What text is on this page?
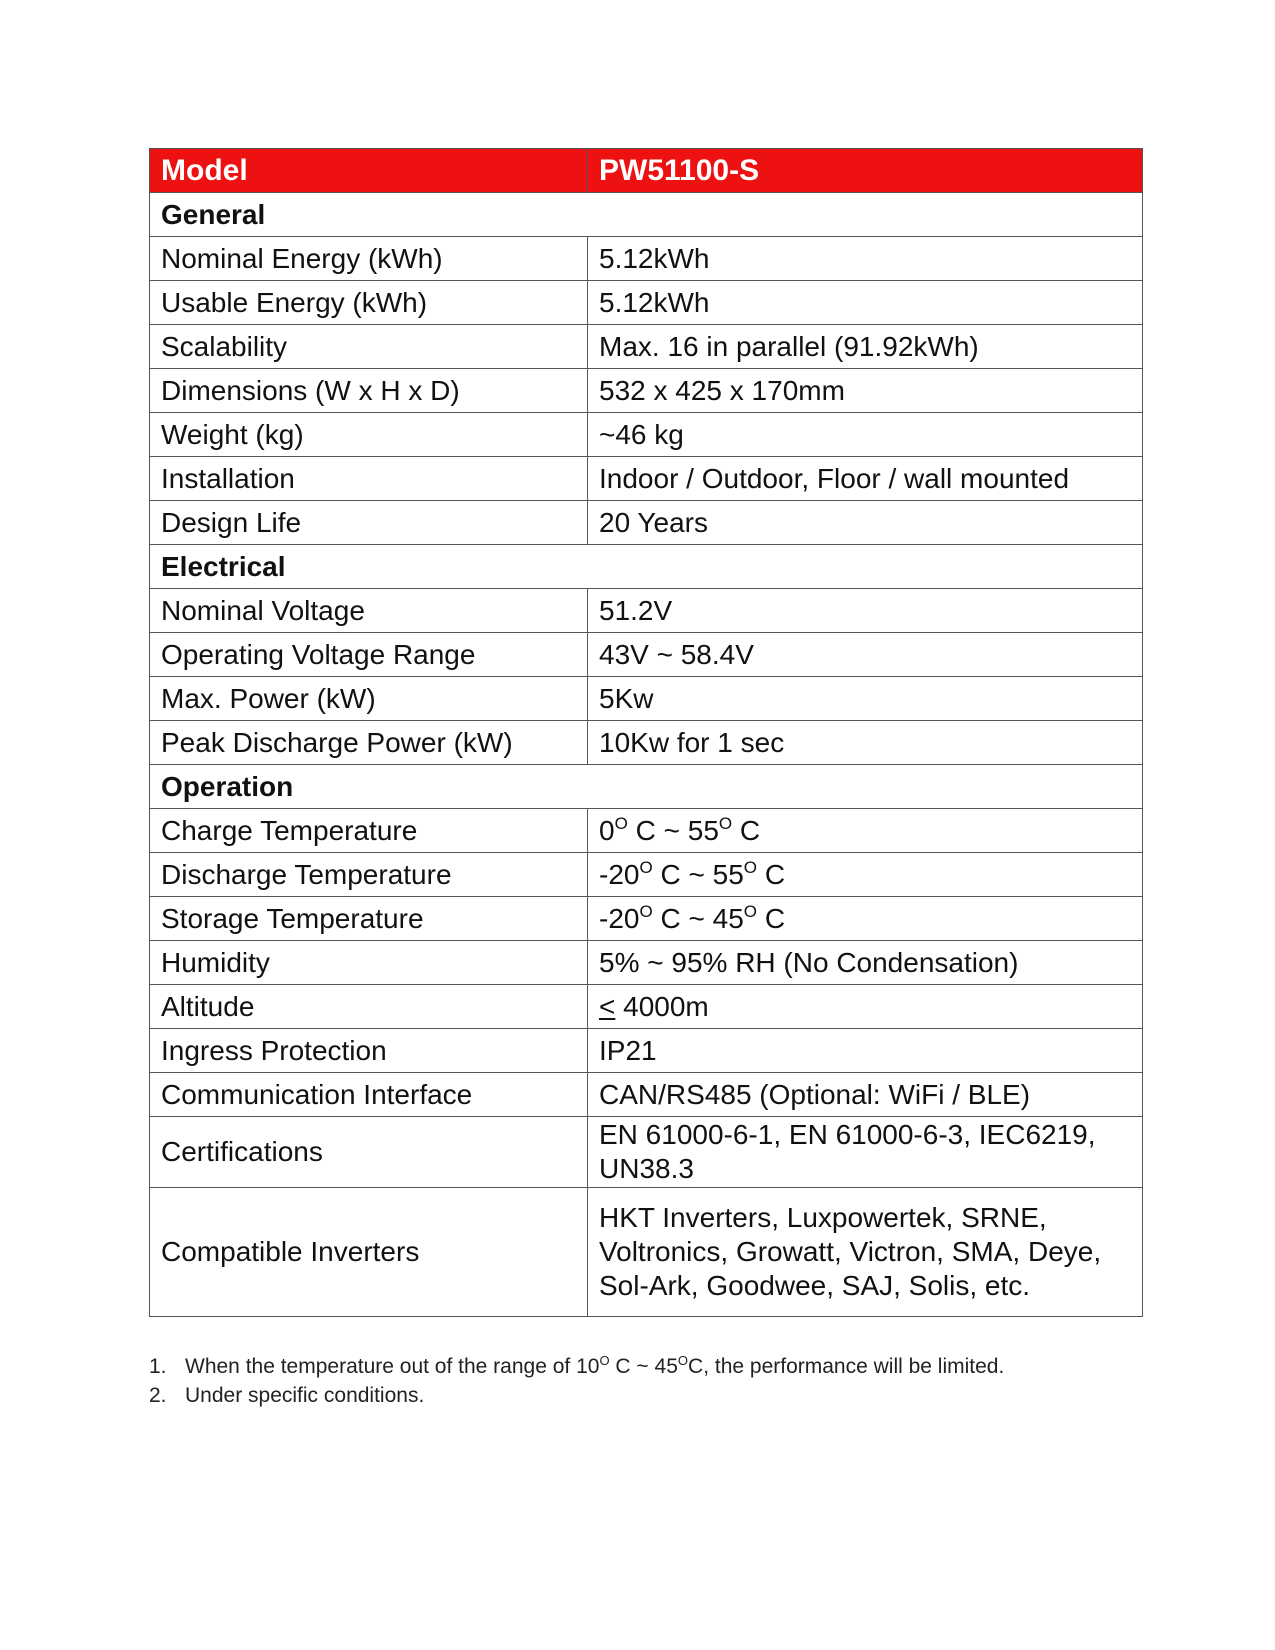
Model	PW51100-S
General	
Nominal Energy (kWh)	5.12kWh
Usable Energy (kWh)	5.12kWh
Scalability	Max. 16 in parallel (91.92kWh)
Dimensions (W x H x D)	532 x 425 x 170mm
Weight (kg)	~46 kg
Installation	Indoor / Outdoor, Floor / wall mounted
Design Life	20 Years
Electrical	
Nominal Voltage	51.2V
Operating Voltage Range	43V ~ 58.4V
Max. Power (kW)	5Kw
Peak Discharge Power (kW)	10Kw for 1 sec
Operation	
Charge Temperature	$0^O$ C ~ $55^O$ C
Discharge Temperature	$-20^O$ C ~ $55^O$ C
Storage Temperature	$-20^O$ C ~ $45^O$ C
Humidity	5% ~ 95% RH (No Condensation)
Altitude	≤ 4000m
Ingress Protection	IP21
Communication Interface	CAN/RS485 (Optional: WiFi / BLE)
Certifications	EN 61000-6-1, EN 61000-6-3, IEC6219,
UN38.3
Compatible Inverters	HKT Inverters, Luxpowertek, SRNE,
Voltronics, Growatt, Victron, SMA, Deye,
Sol-Ark, Goodwee, SAJ, Solis, etc.
1. When the temperature out of the range of $10^O$ C ~ $45^OC$, the performance will be limited.
2. Under specific conditions.
